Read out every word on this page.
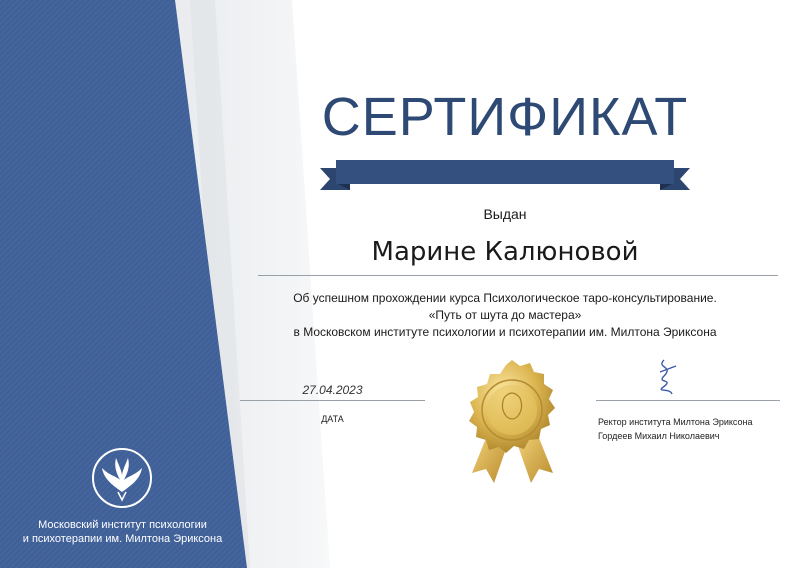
СЕРТИФИКАТ
Выдан
Марине Калюновой
Об успешном прохождении курса Психологическое таро-консультирование.
«Путь от шута до мастера»
в Московском институте психологии и психотерапии им. Милтона Эриксона
27.04.2023
ДАТА	Ректор института Милтона Эриксона
Гордеев Михаил Николаевич
Московский институт психологии
и психотерапии им. Милтона Эриксона
